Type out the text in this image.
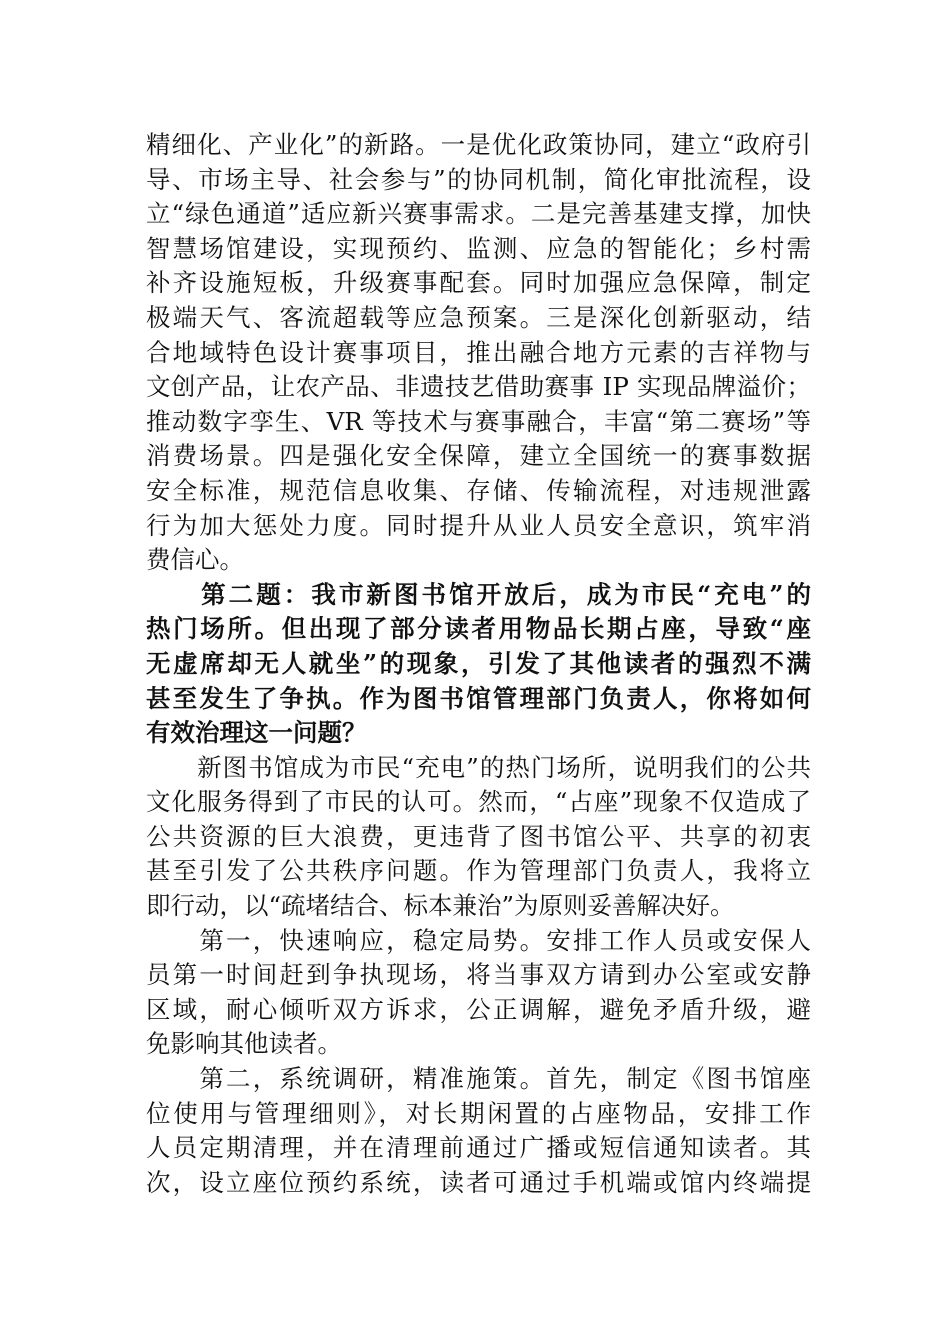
精细化、产业化”的新路。一是优化政策协同，建立“政府引
导、市场主导、社会参与”的协同机制，简化审批流程，设
立“绿色通道”适应新兴赛事需求。二是完善基建支撑，加快
智慧场馆建设，实现预约、监测、应急的智能化；乡村需
补齐设施短板，升级赛事配套。同时加强应急保障，制定
极端天气、客流超载等应急预案。三是深化创新驱动，结
合地域特色设计赛事项目，推出融合地方元素的吉祥物与
文创产品，让农产品、非遗技艺借助赛事 IP 实现品牌溢价；
推动数字孪生、VR 等技术与赛事融合，丰富“第二赛场”等
消费场景。四是强化安全保障，建立全国统一的赛事数据
安全标准，规范信息收集、存储、传输流程，对违规泄露
行为加大惩处力度。同时提升从业人员安全意识，筑牢消
费信心。
　　第二题：我市新图书馆开放后，成为市民“充电”的
热门场所。但出现了部分读者用物品长期占座，导致“座
无虚席却无人就坐”的现象，引发了其他读者的强烈不满
甚至发生了争执。作为图书馆管理部门负责人，你将如何
有效治理这一问题？
　　新图书馆成为市民“充电”的热门场所，说明我们的公共
文化服务得到了市民的认可。然而，“占座”现象不仅造成了
公共资源的巨大浪费，更违背了图书馆公平、共享的初衷
甚至引发了公共秩序问题。作为管理部门负责人，我将立
即行动，以“疏堵结合、标本兼治”为原则妥善解决好。
　　第一，快速响应，稳定局势。安排工作人员或安保人
员第一时间赶到争执现场，将当事双方请到办公室或安静
区域，耐心倾听双方诉求，公正调解，避免矛盾升级，避
免影响其他读者。
　　第二，系统调研，精准施策。首先，制定《图书馆座
位使用与管理细则》，对长期闲置的占座物品，安排工作
人员定期清理，并在清理前通过广播或短信通知读者。其
次，设立座位预约系统，读者可通过手机端或馆内终端提
